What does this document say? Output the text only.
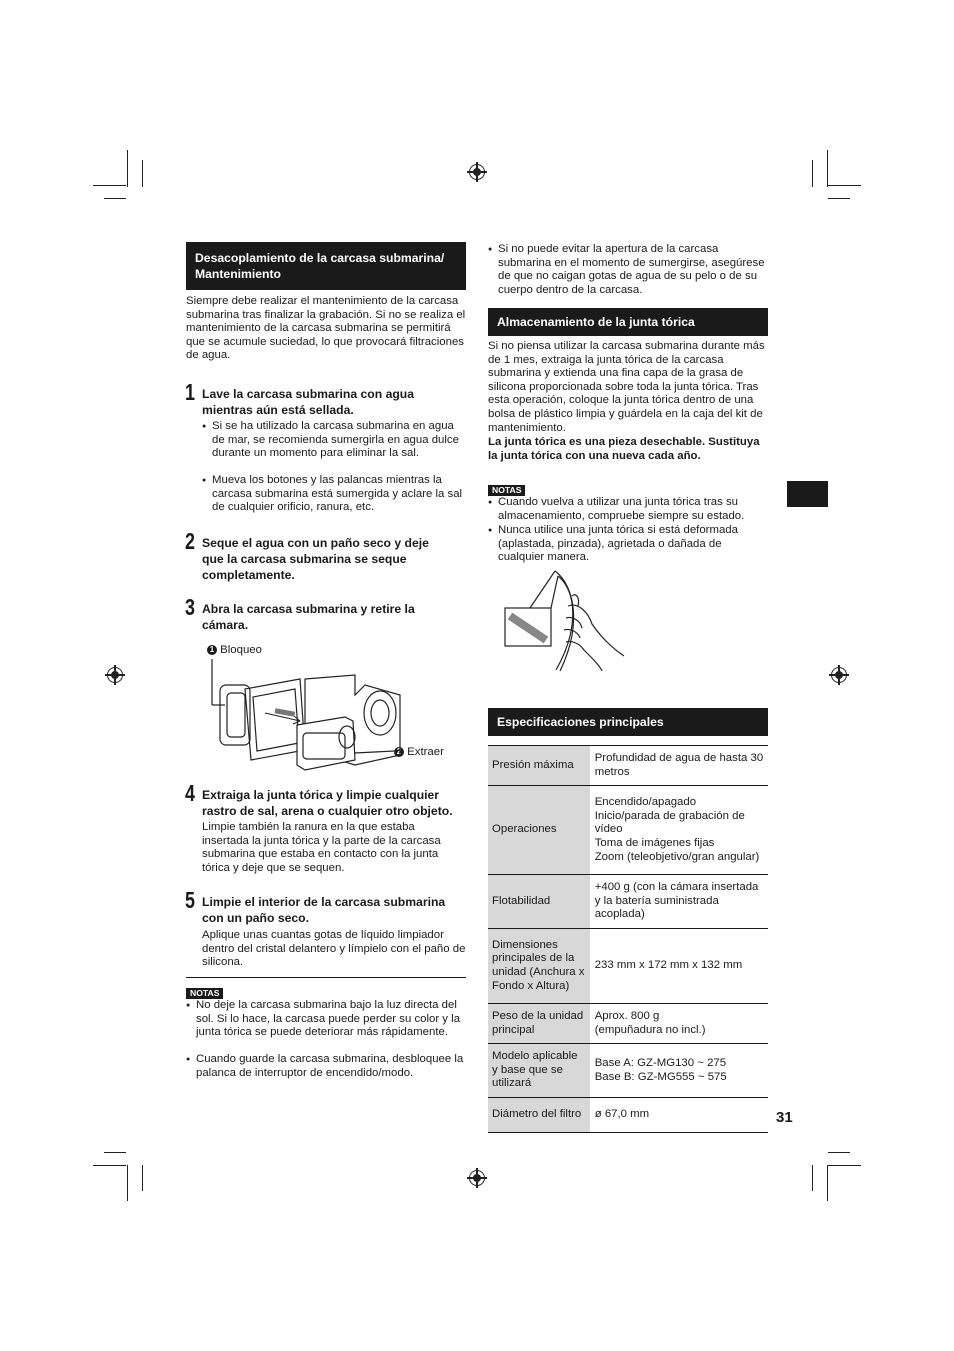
Desacoplamiento de la carcasa submarina/ Mantenimiento

Siempre debe realizar el mantenimiento de la carcasa submarina tras finalizar la grabación. Si no se realiza el mantenimiento de la carcasa submarina se permitirá que se acumule suciedad, lo que provocará filtraciones de agua.

1 Lave la carcasa submarina con agua mientras aún está sellada.

● Si se ha utilizado la carcasa submarina en agua de mar, se recomienda sumergirla en agua dulce durante un momento para eliminar la sal.

● Mueva los botones y las palancas mientras la carcasa submarina está sumergida y aclare la sal de cualquier orificio, ranura, etc.

2 Seque el agua con un paño seco y deje que la carcasa submarina se seque completamente.

3 Abra la carcasa submarina y retire la cámara.

1 Bloqueo
2 Extraer
4 Extraiga la junta tórica y limpie cualquier rastro de sal, arena o cualquier otro objeto.

Limpie también la ranura en la que estaba insertada la junta tórica y la parte de la carcasa submarina que estaba en contacto con la junta tórica y deje que se sequen.

5 Limpie el interior de la carcasa submarina con un paño seco.

Aplique unas cuantas gotas de líquido limpiador dentro del cristal delantero y límpielo con el paño de silicona.

NOTAS

● No deje la carcasa submarina bajo la luz directa del sol. Si lo hace, la carcasa puede perder su color y la junta tórica se puede deteriorar más rápidamente.

● Cuando guarde la carcasa submarina, desbloquee la palanca de interruptor de encendido/modo.

● Si no puede evitar la apertura de la carcasa submarina en el momento de sumergirse, asegúrese de que no caigan gotas de agua de su pelo o de su cuerpo dentro de la carcasa.

Almacenamiento de la junta tórica

Si no piensa utilizar la carcasa submarina durante más de 1 mes, extraiga la junta tórica de la carcasa submarina y extienda una fina capa de la grasa de silicona proporcionada sobre toda la junta tórica. Tras esta operación, coloque la junta tórica dentro de una bolsa de plástico limpia y guárdela en la caja del kit de mantenimiento.

La junta tórica es una pieza desechable. Sustituya la junta tórica con una nueva cada año.

NOTAS

● Cuando vuelva a utilizar una junta tórica tras su almacenamiento, compruebe siempre su estado.

● Nunca utilice una junta tórica si está deformada (aplastada, pinzada), agrietada o dañada de cualquier manera.

Especificaciones principales
Presión máxima	Profundidad de agua de hasta 30 metros
Operaciones	Encendido/apagado
Inicio/parada de grabación de vídeo
Toma de imágenes fijas
Zoom (teleobjetivo/gran angular)
Flotabilidad	+400 g (con la cámara insertada y la batería suministrada acoplada)
Dimensiones principales de la unidad (Anchura x Fondo x Altura)	233 mm x 172 mm x 132 mm
Peso de la unidad principal	Aprox. 800 g
(empuñadura no incl.)
Modelo aplicable y base que se utilizará	Base A: GZ-MG130 ~ 275
Base B: GZ-MG555 ~ 575
Diámetro del filtro	ø 67,0 mm	31
